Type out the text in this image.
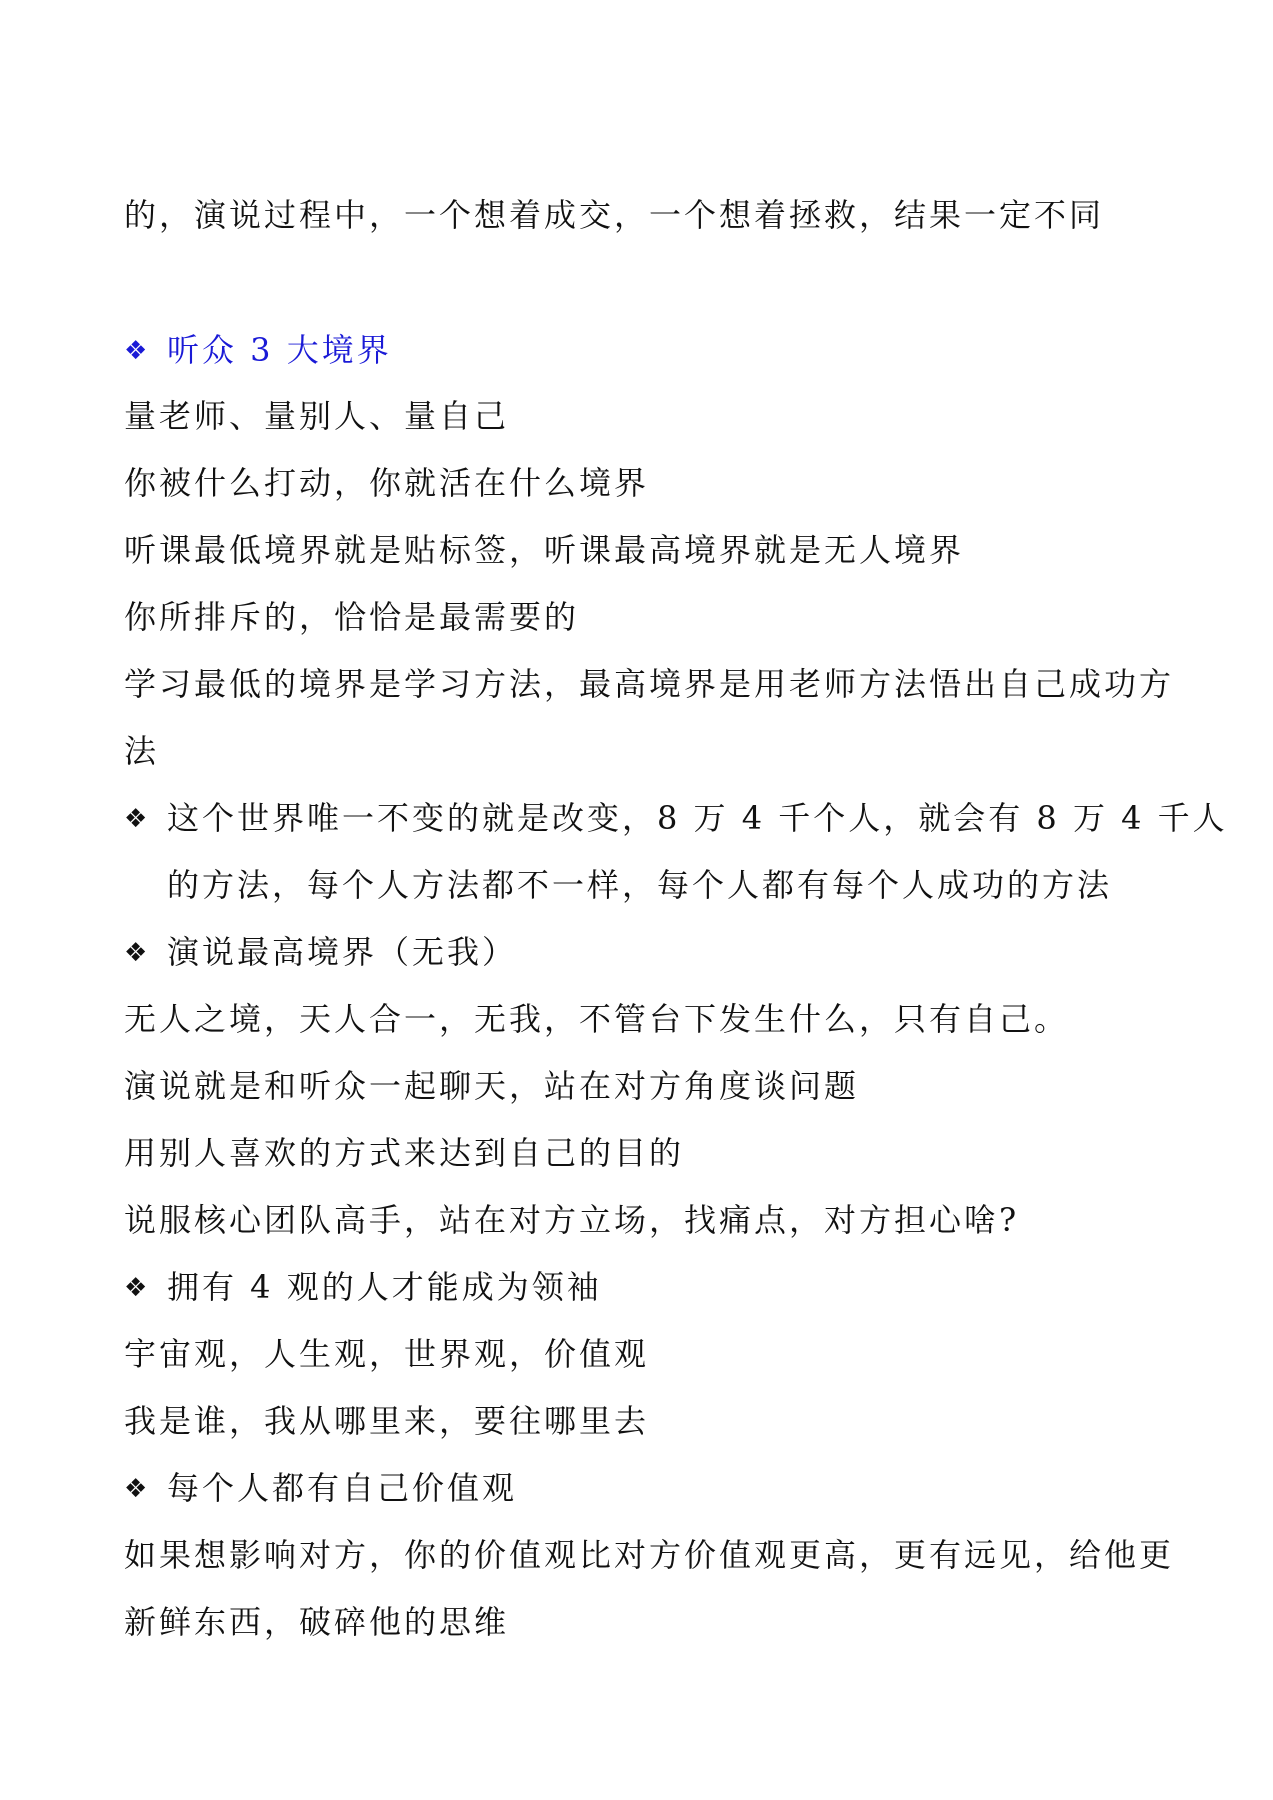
的，演说过程中，一个想着成交，一个想着拯救，结果一定不同
❖ 听众 3 大境界
量老师、量别人、量自己
你被什么打动，你就活在什么境界
听课最低境界就是贴标签，听课最高境界就是无人境界
你所排斥的，恰恰是最需要的
学习最低的境界是学习方法，最高境界是用老师方法悟出自己成功方
法
❖ 这个世界唯一不变的就是改变，8 万 4 千个人，就会有 8 万 4 千人
的方法，每个人方法都不一样，每个人都有每个人成功的方法
❖ 演说最高境界（无我）
无人之境，天人合一，无我，不管台下发生什么，只有自己。
演说就是和听众一起聊天，站在对方角度谈问题
用别人喜欢的方式来达到自己的目的
说服核心团队高手，站在对方立场，找痛点，对方担心啥?
❖ 拥有 4 观的人才能成为领袖
宇宙观，人生观，世界观，价值观
我是谁，我从哪里来，要往哪里去
❖ 每个人都有自己价值观
如果想影响对方，你的价值观比对方价值观更高，更有远见，给他更
新鲜东西，破碎他的思维
